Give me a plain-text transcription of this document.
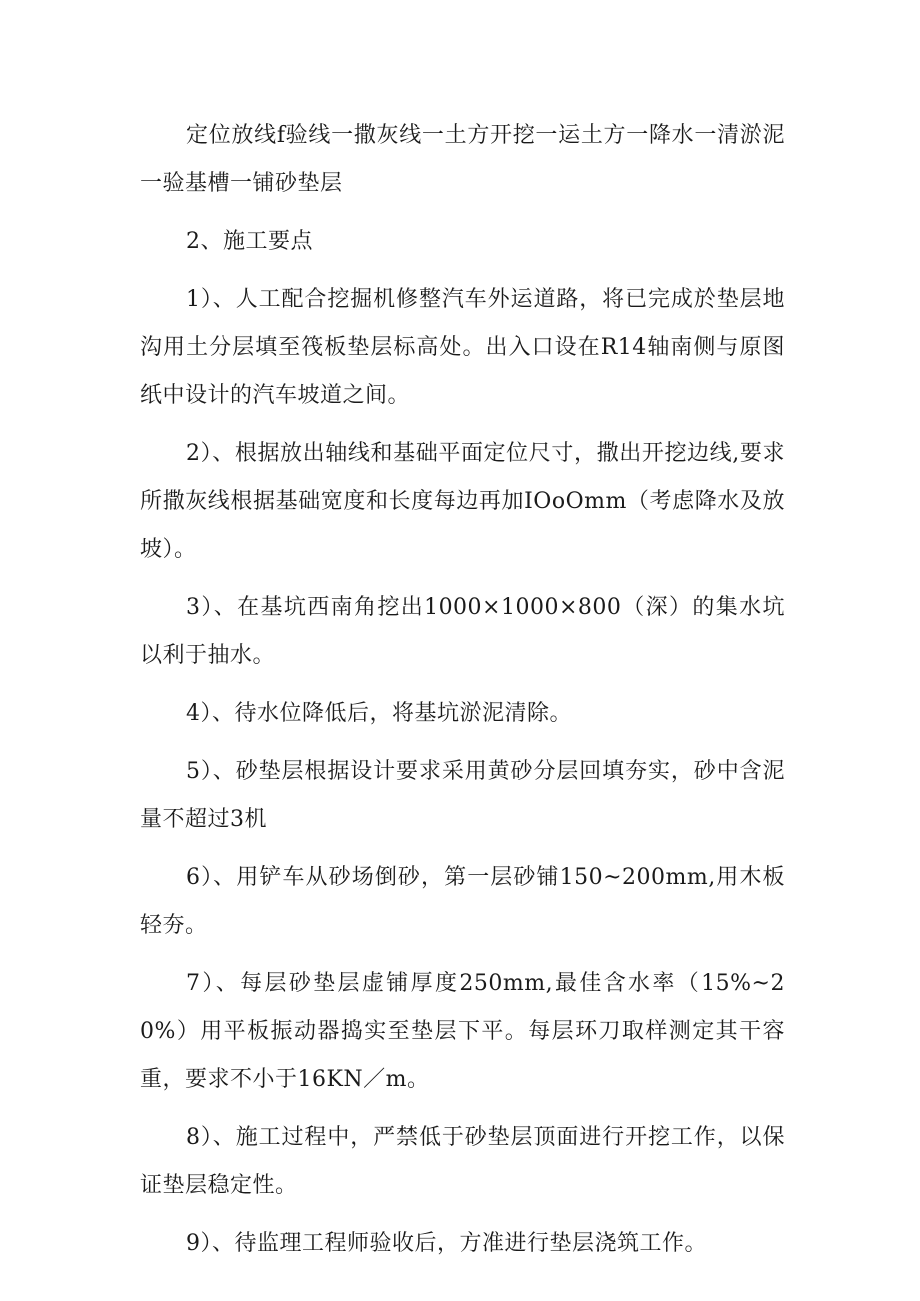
定位放线f验线一撒灰线一土方开挖一运土方一降水一清淤泥一验基槽一铺砂垫层

2、施工要点

1）、人工配合挖掘机修整汽车外运道路，将已完成於垫层地沟用土分层填至筏板垫层标高处。出入口设在R14轴南侧与原图纸中设计的汽车坡道之间。

2）、根据放出轴线和基础平面定位尺寸，撒出开挖边线,要求所撒灰线根据基础宽度和长度每边再加IOoOmm（考虑降水及放坡）。

3）、在基坑西南角挖出1000×1000×800（深）的集水坑以利于抽水。

4）、待水位降低后，将基坑淤泥清除。

5）、砂垫层根据设计要求采用黄砂分层回填夯实，砂中含泥量不超过3机

6）、用铲车从砂场倒砂，第一层砂铺150~200mm,用木板轻夯。

7）、每层砂垫层虚铺厚度250mm,最佳含水率（15%~20%）用平板振动器捣实至垫层下平。每层环刀取样测定其干容重，要求不小于16KN／m。

8）、施工过程中，严禁低于砂垫层顶面进行开挖工作，以保证垫层稳定性。

9）、待监理工程师验收后，方准进行垫层浇筑工作。
